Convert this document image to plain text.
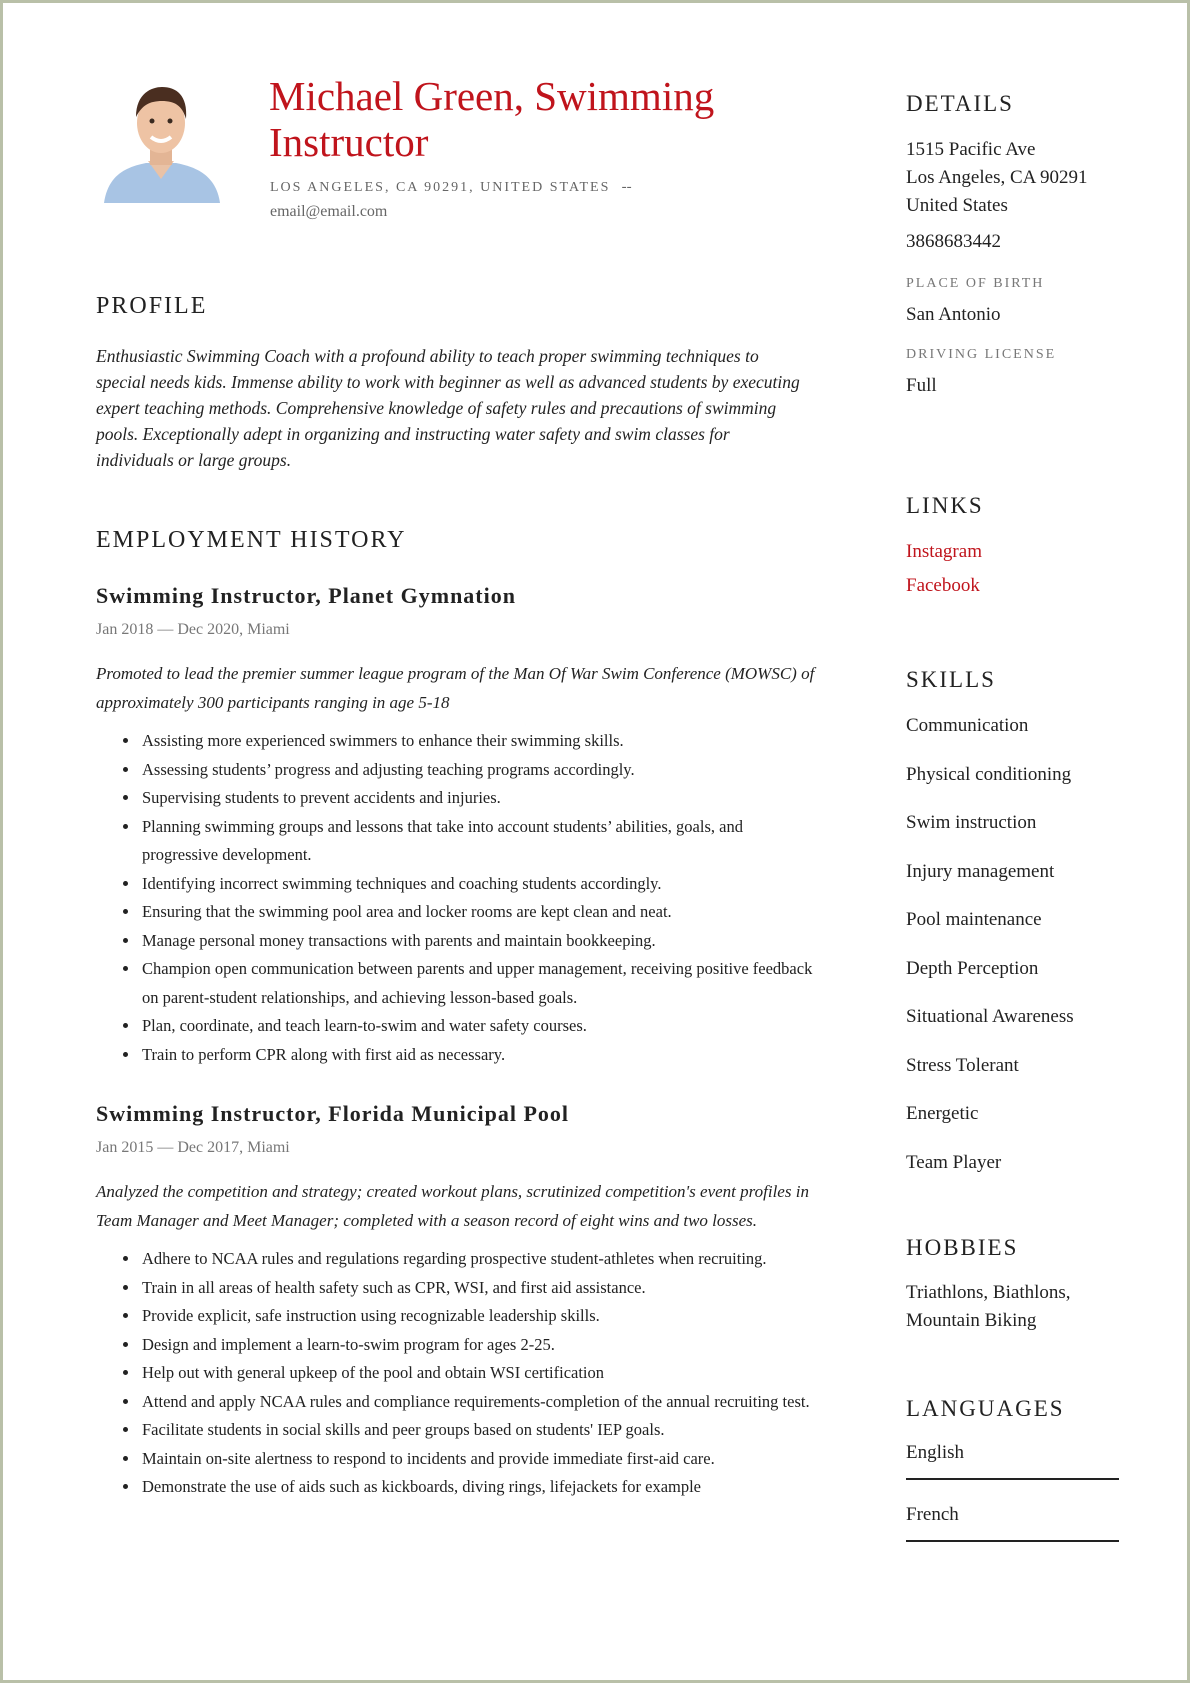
Michael Green, Swimming Instructor
LOS ANGELES, CA 90291, UNITED STATES --
email@email.com
PROFILE
Enthusiastic Swimming Coach with a profound ability to teach proper swimming techniques to special needs kids. Immense ability to work with beginner as well as advanced students by executing expert teaching methods. Comprehensive knowledge of safety rules and precautions of swimming pools. Exceptionally adept in organizing and instructing water safety and swim classes for individuals or large groups.
EMPLOYMENT HISTORY
Swimming Instructor, Planet Gymnation
Jan 2018 — Dec 2020, Miami
Promoted to lead the premier summer league program of the Man Of War Swim Conference (MOWSC) of approximately 300 participants ranging in age 5-18
• Assisting more experienced swimmers to enhance their swimming skills.
• Assessing students’ progress and adjusting teaching programs accordingly.
• Supervising students to prevent accidents and injuries.
• Planning swimming groups and lessons that take into account students’ abilities, goals, and progressive development.
• Identifying incorrect swimming techniques and coaching students accordingly.
• Ensuring that the swimming pool area and locker rooms are kept clean and neat.
• Manage personal money transactions with parents and maintain bookkeeping.
• Champion open communication between parents and upper management, receiving positive feedback on parent-student relationships, and achieving lesson-based goals.
• Plan, coordinate, and teach learn-to-swim and water safety courses.
• Train to perform CPR along with first aid as necessary.
Swimming Instructor, Florida Municipal Pool
Jan 2015 — Dec 2017, Miami
Analyzed the competition and strategy; created workout plans, scrutinized competition's event profiles in Team Manager and Meet Manager; completed with a season record of eight wins and two losses.
• Adhere to NCAA rules and regulations regarding prospective student-athletes when recruiting.
• Train in all areas of health safety such as CPR, WSI, and first aid assistance.
• Provide explicit, safe instruction using recognizable leadership skills.
• Design and implement a learn-to-swim program for ages 2-25.
• Help out with general upkeep of the pool and obtain WSI certification
• Attend and apply NCAA rules and compliance requirements-completion of the annual recruiting test.
• Facilitate students in social skills and peer groups based on students' IEP goals.
• Maintain on-site alertness to respond to incidents and provide immediate first-aid care.
• Demonstrate the use of aids such as kickboards, diving rings, lifejackets for example
DETAILS
1515 Pacific Ave
Los Angeles, CA 90291
United States
3868683442
PLACE OF BIRTH
San Antonio
DRIVING LICENSE
Full
LINKS
Instagram
Facebook
SKILLS
Communication
Physical conditioning
Swim instruction
Injury management
Pool maintenance
Depth Perception
Situational Awareness
Stress Tolerant
Energetic
Team Player
HOBBIES
Triathlons, Biathlons, Mountain Biking
LANGUAGES
English
French
